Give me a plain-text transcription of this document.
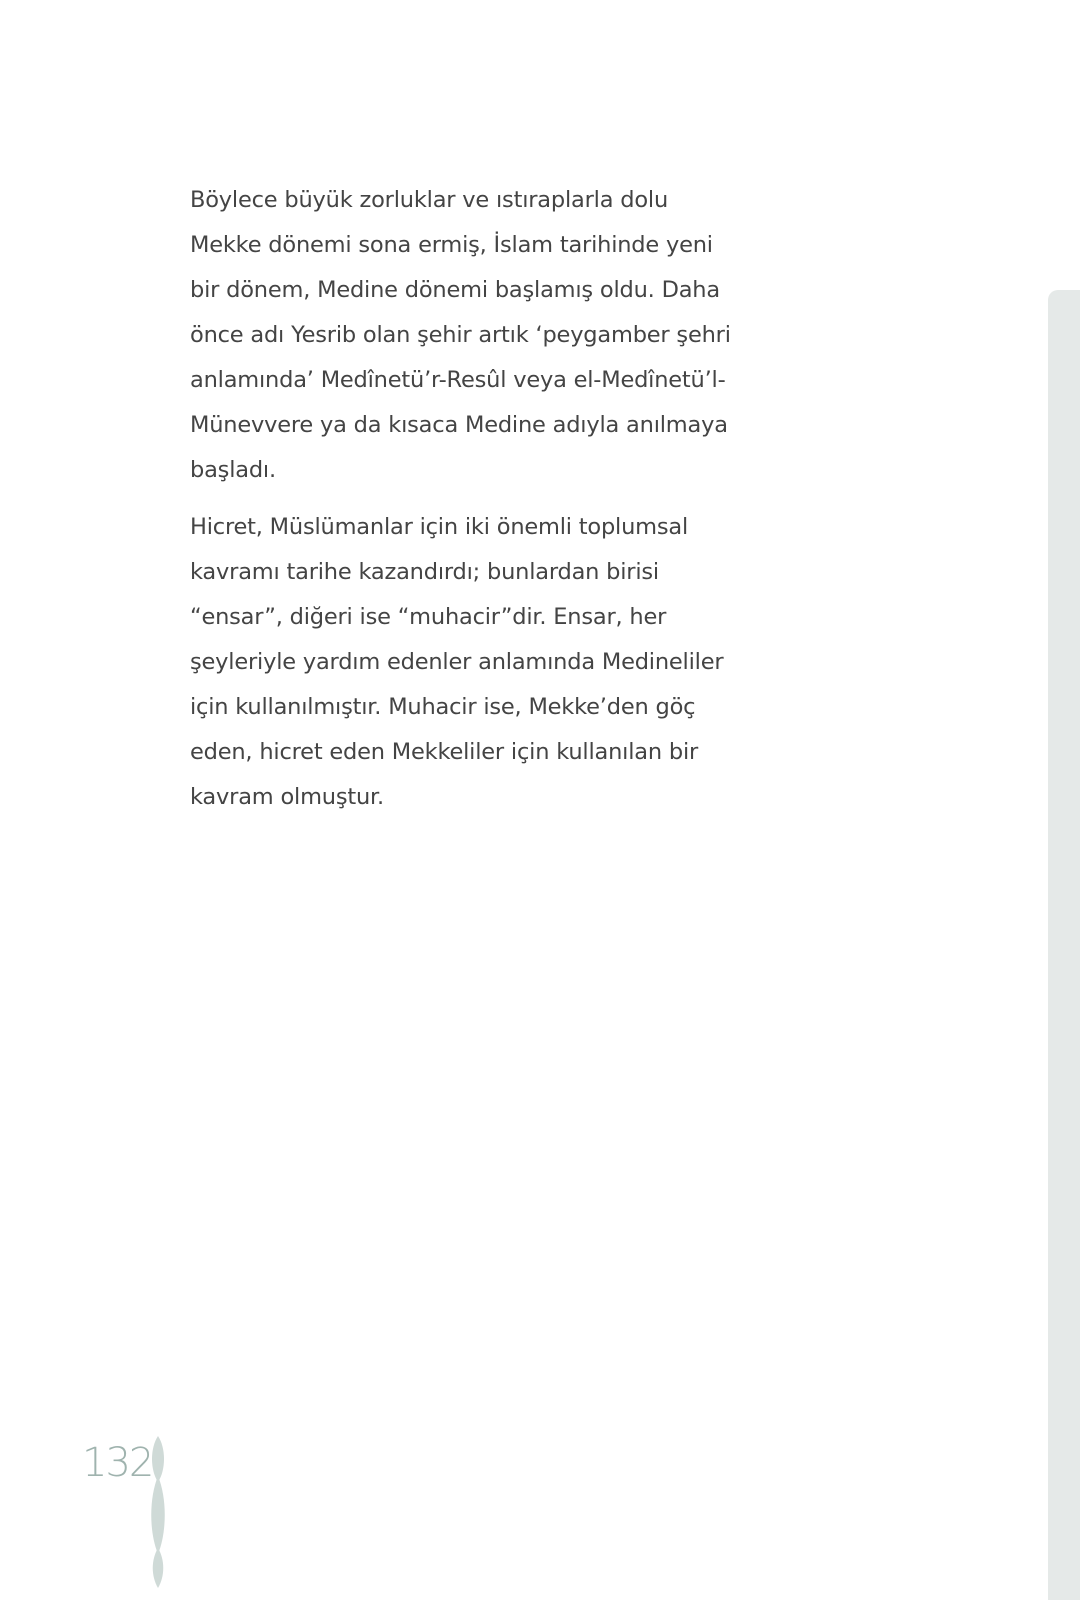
Böylece büyük zorluklar ve ıstıraplarla dolu
Mekke dönemi sona ermiş, İslam tarihinde yeni
bir dönem, Medine dönemi başlamış oldu. Daha
önce adı Yesrib olan şehir artık ‘peygamber şehri
anlamında’ Medînetü’r-Resûl veya el-Medînetü’l-
Münevvere ya da kısaca Medine adıyla anılmaya
başladı.

Hicret, Müslümanlar için iki önemli toplumsal
kavramı tarihe kazandırdı; bunlardan birisi
“ensar”, diğeri ise “muhacir”dir. Ensar, her
şeyleriyle yardım edenler anlamında Medineliler
için kullanılmıştır. Muhacir ise, Mekke’den göç
eden, hicret eden Mekkeliler için kullanılan bir
kavram olmuştur.

132
